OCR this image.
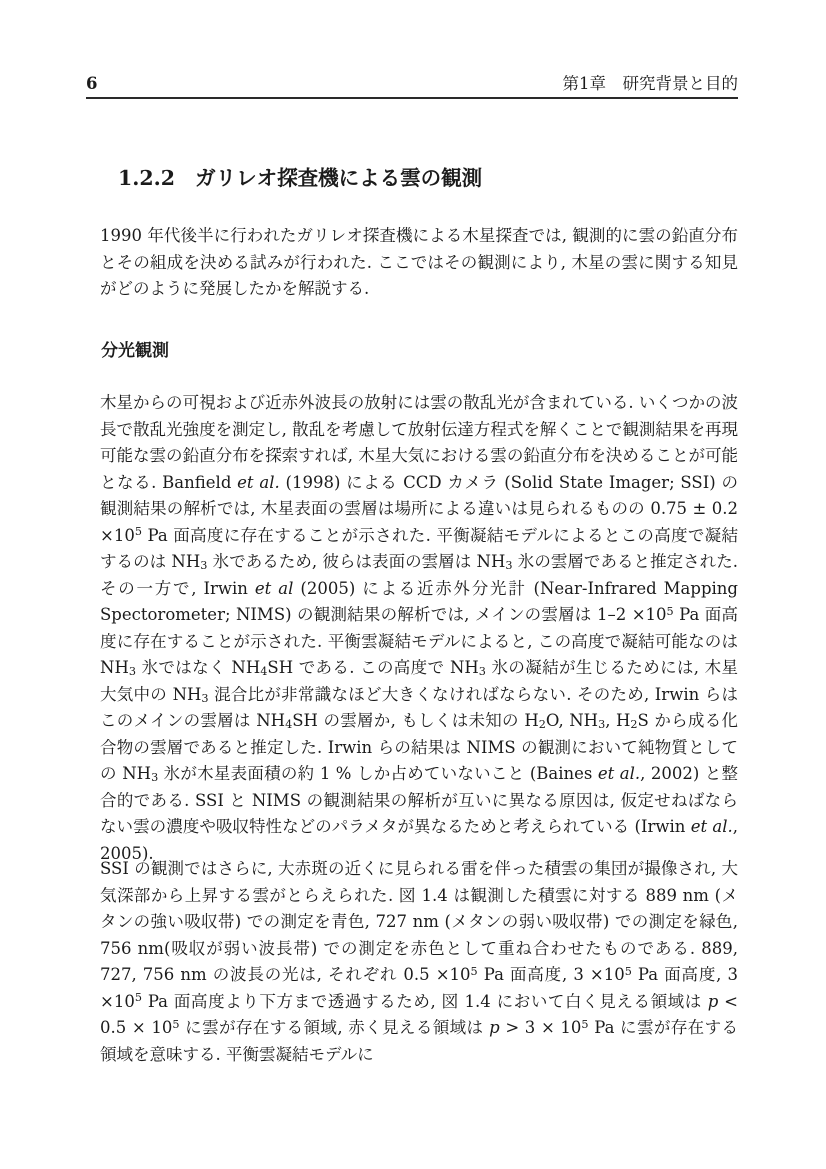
6	第1章　研究背景と目的
1.2.2 ガリレオ探査機による雲の観測

1990 年代後半に行われたガリレオ探査機による木星探査では, 観測的に雲の鉛直分布とその組成を決める試みが行われた. ここではその観測により, 木星の雲に関する知見がどのように発展したかを解説する.

分光観測

木星からの可視および近赤外波長の放射には雲の散乱光が含まれている. いくつかの波長で散乱光強度を測定し, 散乱を考慮して放射伝達方程式を解くことで観測結果を再現可能な雲の鉛直分布を探索すれば, 木星大気における雲の鉛直分布を決めることが可能となる. Banfield et al. (1998) による CCD カメラ (Solid State Imager; SSI) の観測結果の解析では, 木星表面の雲層は場所による違いは見られるものの $0.75 \pm 0.2 \times 10^5$ Pa 面高度に存在することが示された. 平衡凝結モデルによるとこの高度で凝結するのは $NH_3$ 氷であるため, 彼らは表面の雲層は $NH_3$ 氷の雲層であると推定された. その一方で, Irwin et al (2005) による近赤外分光計 (Near-Infrared Mapping Spectorometer; NIMS) の観測結果の解析では, メインの雲層は $1-2 \times 10^5$ Pa 面高度に存在することが示された. 平衡雲凝結モデルによると, この高度で凝結可能なのは $NH_3$ 氷ではなく $NH_4SH$ である. この高度で $NH_3$ 氷の凝結が生じるためには, 木星大気中の $NH_3$ 混合比が非常識なほど大きくなければならない. そのため, Irwin らはこのメインの雲層は $NH_4SH$ の雲層か, もしくは未知の $H_2O$, $NH_3$, $H_2S$ から成る化合物の雲層であると推定した. Irwin らの結果は NIMS の観測において純物質としての $NH_3$ 氷が木星表面積の約 1 % しか占めていないこと (Baines et al., 2002) と整合的である. SSI と NIMS の観測結果の解析が互いに異なる原因は, 仮定せねばならない雲の濃度や吸収特性などのパラメタが異なるためと考えられている (Irwin et al., 2005).

SSI の観測ではさらに, 大赤斑の近くに見られる雷を伴った積雲の集団が撮像され, 大気深部から上昇する雲がとらえられた. 図 1.4 は観測した積雲に対する 889 nm (メタンの強い吸収帯) での測定を青色, 727 nm (メタンの弱い吸収帯) での測定を緑色, 756 nm(吸収が弱い波長帯) での測定を赤色として重ね合わせたものである. 889, 727, 756 nm の波長の光は, それぞれ $0.5 \times 10^5$ Pa 面高度, $3 \times 10^5$ Pa 面高度, $3 \times 10^5$ Pa 面高度より下方まで透過するため, 図 1.4 において白く見える領域は $p < 0.5 \times 10^5$ に雲が存在する領域, 赤く見える領域は $p > 3 \times 10^5$ Pa に雲が存在する領域を意味する. 平衡雲凝結モデルに
